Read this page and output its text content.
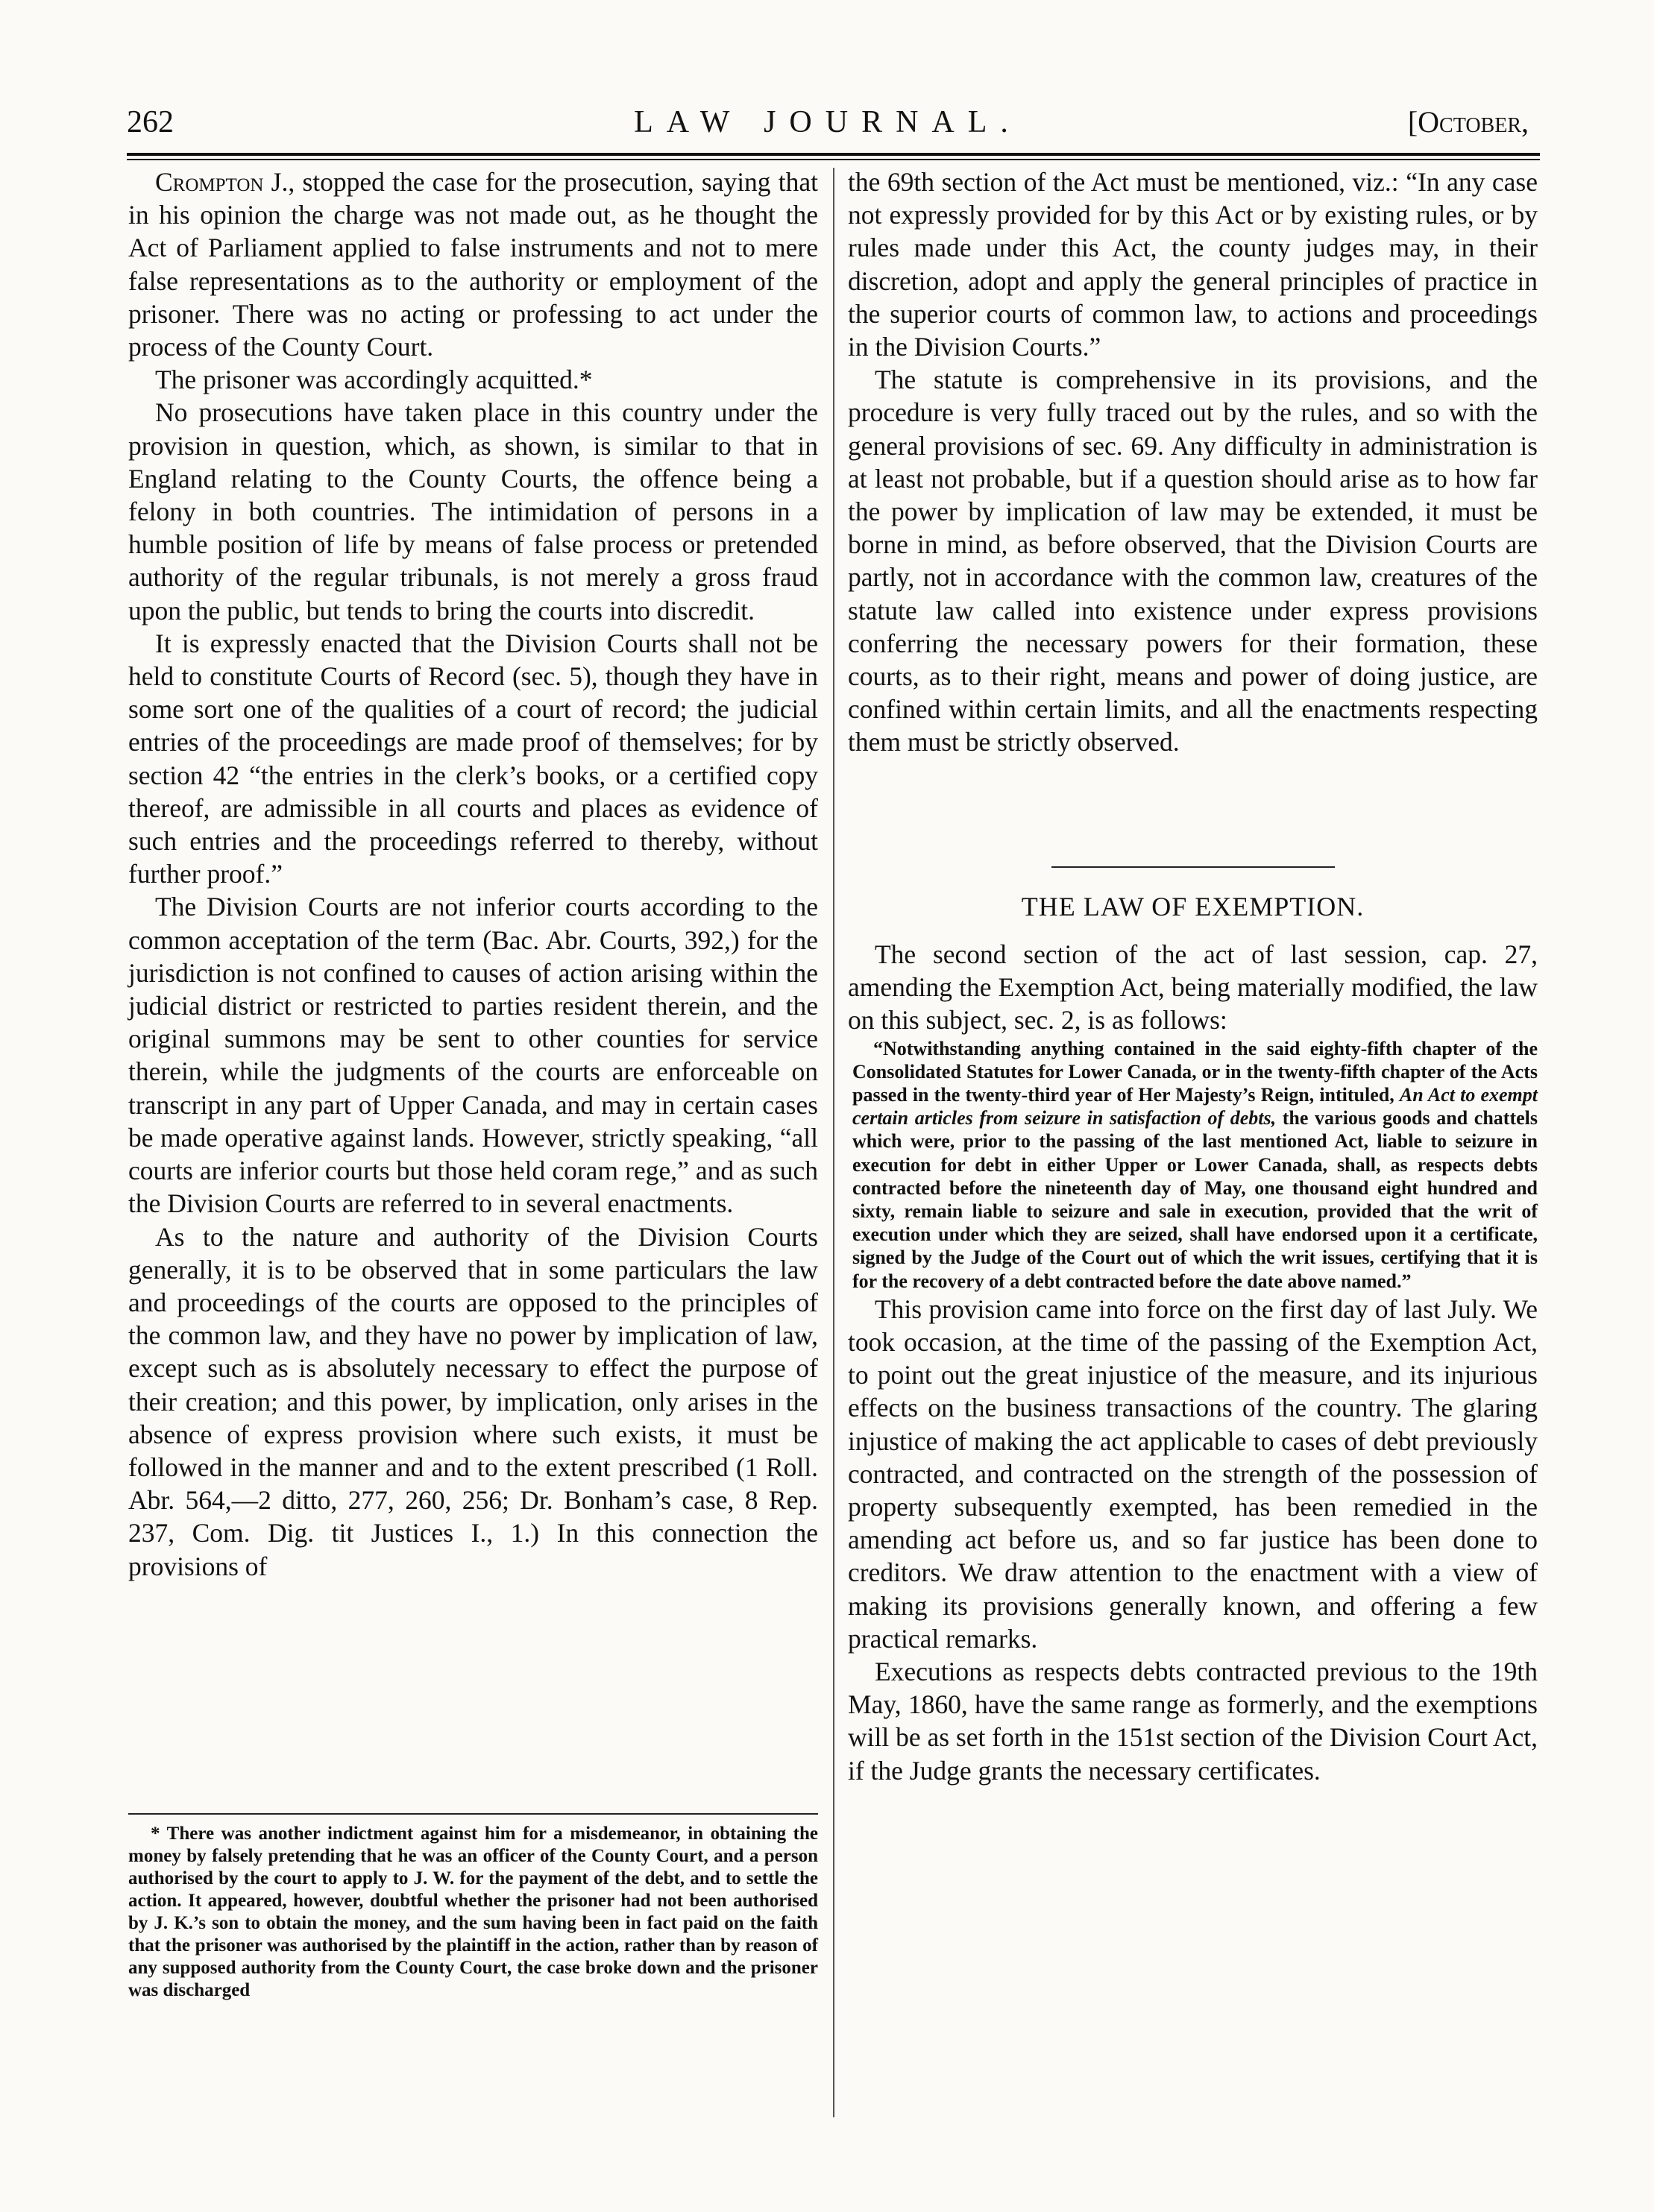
262	LAW JOURNAL.	[October,

Crompton J., stopped the case for the prosecution, saying that in his opinion the charge was not made out, as he thought the Act of Parliament applied to false instruments and not to mere false representations as to the authority or employment of the prisoner. There was no acting or professing to act under the process of the County Court.

The prisoner was accordingly acquitted.*

No prosecutions have taken place in this country under the provision in question, which, as shown, is similar to that in England relating to the County Courts, the offence being a felony in both countries. The intimidation of persons in a humble position of life by means of false process or pretended authority of the regular tribunals, is not merely a gross fraud upon the public, but tends to bring the courts into discredit.

It is expressly enacted that the Division Courts shall not be held to constitute Courts of Record (sec. 5), though they have in some sort one of the qualities of a court of record; the judicial entries of the proceedings are made proof of themselves; for by section 42 “the entries in the clerk’s books, or a certified copy thereof, are admissible in all courts and places as evidence of such entries and the proceedings referred to thereby, without further proof.”

The Division Courts are not inferior courts according to the common acceptation of the term (Bac. Abr. Courts, 392,) for the jurisdiction is not confined to causes of action arising within the judicial district or restricted to parties resident therein, and the original summons may be sent to other counties for service therein, while the judgments of the courts are enforceable on transcript in any part of Upper Canada, and may in certain cases be made operative against lands. However, strictly speaking, “all courts are inferior courts but those held coram rege,” and as such the Division Courts are referred to in several enactments.

As to the nature and authority of the Division Courts generally, it is to be observed that in some particulars the law and proceedings of the courts are opposed to the principles of the common law, and they have no power by implication of law, except such as is absolutely necessary to effect the purpose of their creation; and this power, by implication, only arises in the absence of express provision where such exists, it must be followed in the manner and and to the extent prescribed (1 Roll. Abr. 564,—2 ditto, 277, 260, 256; Dr. Bonham’s case, 8 Rep. 237, Com. Dig. tit Justices I., 1.) In this connection the provisions of

* There was another indictment against him for a misdemeanor, in obtaining the money by falsely pretending that he was an officer of the County Court, and a person authorised by the court to apply to J. W. for the payment of the debt, and to settle the action. It appeared, however, doubtful whether the prisoner had not been authorised by J. K.’s son to obtain the money, and the sum having been in fact paid on the faith that the prisoner was authorised by the plaintiff in the action, rather than by reason of any supposed authority from the County Court, the case broke down and the prisoner was discharged

the 69th section of the Act must be mentioned, viz.: “In any case not expressly provided for by this Act or by existing rules, or by rules made under this Act, the county judges may, in their discretion, adopt and apply the general principles of practice in the superior courts of common law, to actions and proceedings in the Division Courts.”

The statute is comprehensive in its provisions, and the procedure is very fully traced out by the rules, and so with the general provisions of sec. 69. Any difficulty in administration is at least not probable, but if a question should arise as to how far the power by implication of law may be extended, it must be borne in mind, as before observed, that the Division Courts are partly, not in accordance with the common law, creatures of the statute law called into existence under express provisions conferring the necessary powers for their formation, these courts, as to their right, means and power of doing justice, are confined within certain limits, and all the enactments respecting them must be strictly observed.

THE LAW OF EXEMPTION.

The second section of the act of last session, cap. 27, amending the Exemption Act, being materially modified, the law on this subject, sec. 2, is as follows:

“Notwithstanding anything contained in the said eighty-fifth chapter of the Consolidated Statutes for Lower Canada, or in the twenty-fifth chapter of the Acts passed in the twenty-third year of Her Majesty’s Reign, intituled, An Act to exempt certain articles from seizure in satisfaction of debts, the various goods and chattels which were, prior to the passing of the last mentioned Act, liable to seizure in execution for debt in either Upper or Lower Canada, shall, as respects debts contracted before the nineteenth day of May, one thousand eight hundred and sixty, remain liable to seizure and sale in execution, provided that the writ of execution under which they are seized, shall have endorsed upon it a certificate, signed by the Judge of the Court out of which the writ issues, certifying that it is for the recovery of a debt contracted before the date above named.”

This provision came into force on the first day of last July. We took occasion, at the time of the passing of the Exemption Act, to point out the great injustice of the measure, and its injurious effects on the business transactions of the country. The glaring injustice of making the act applicable to cases of debt previously contracted, and contracted on the strength of the possession of property subsequently exempted, has been remedied in the amending act before us, and so far justice has been done to creditors. We draw attention to the enactment with a view of making its provisions generally known, and offering a few practical remarks.

Executions as respects debts contracted previous to the 19th May, 1860, have the same range as formerly, and the exemptions will be as set forth in the 151st section of the Division Court Act, if the Judge grants the necessary certificates.
